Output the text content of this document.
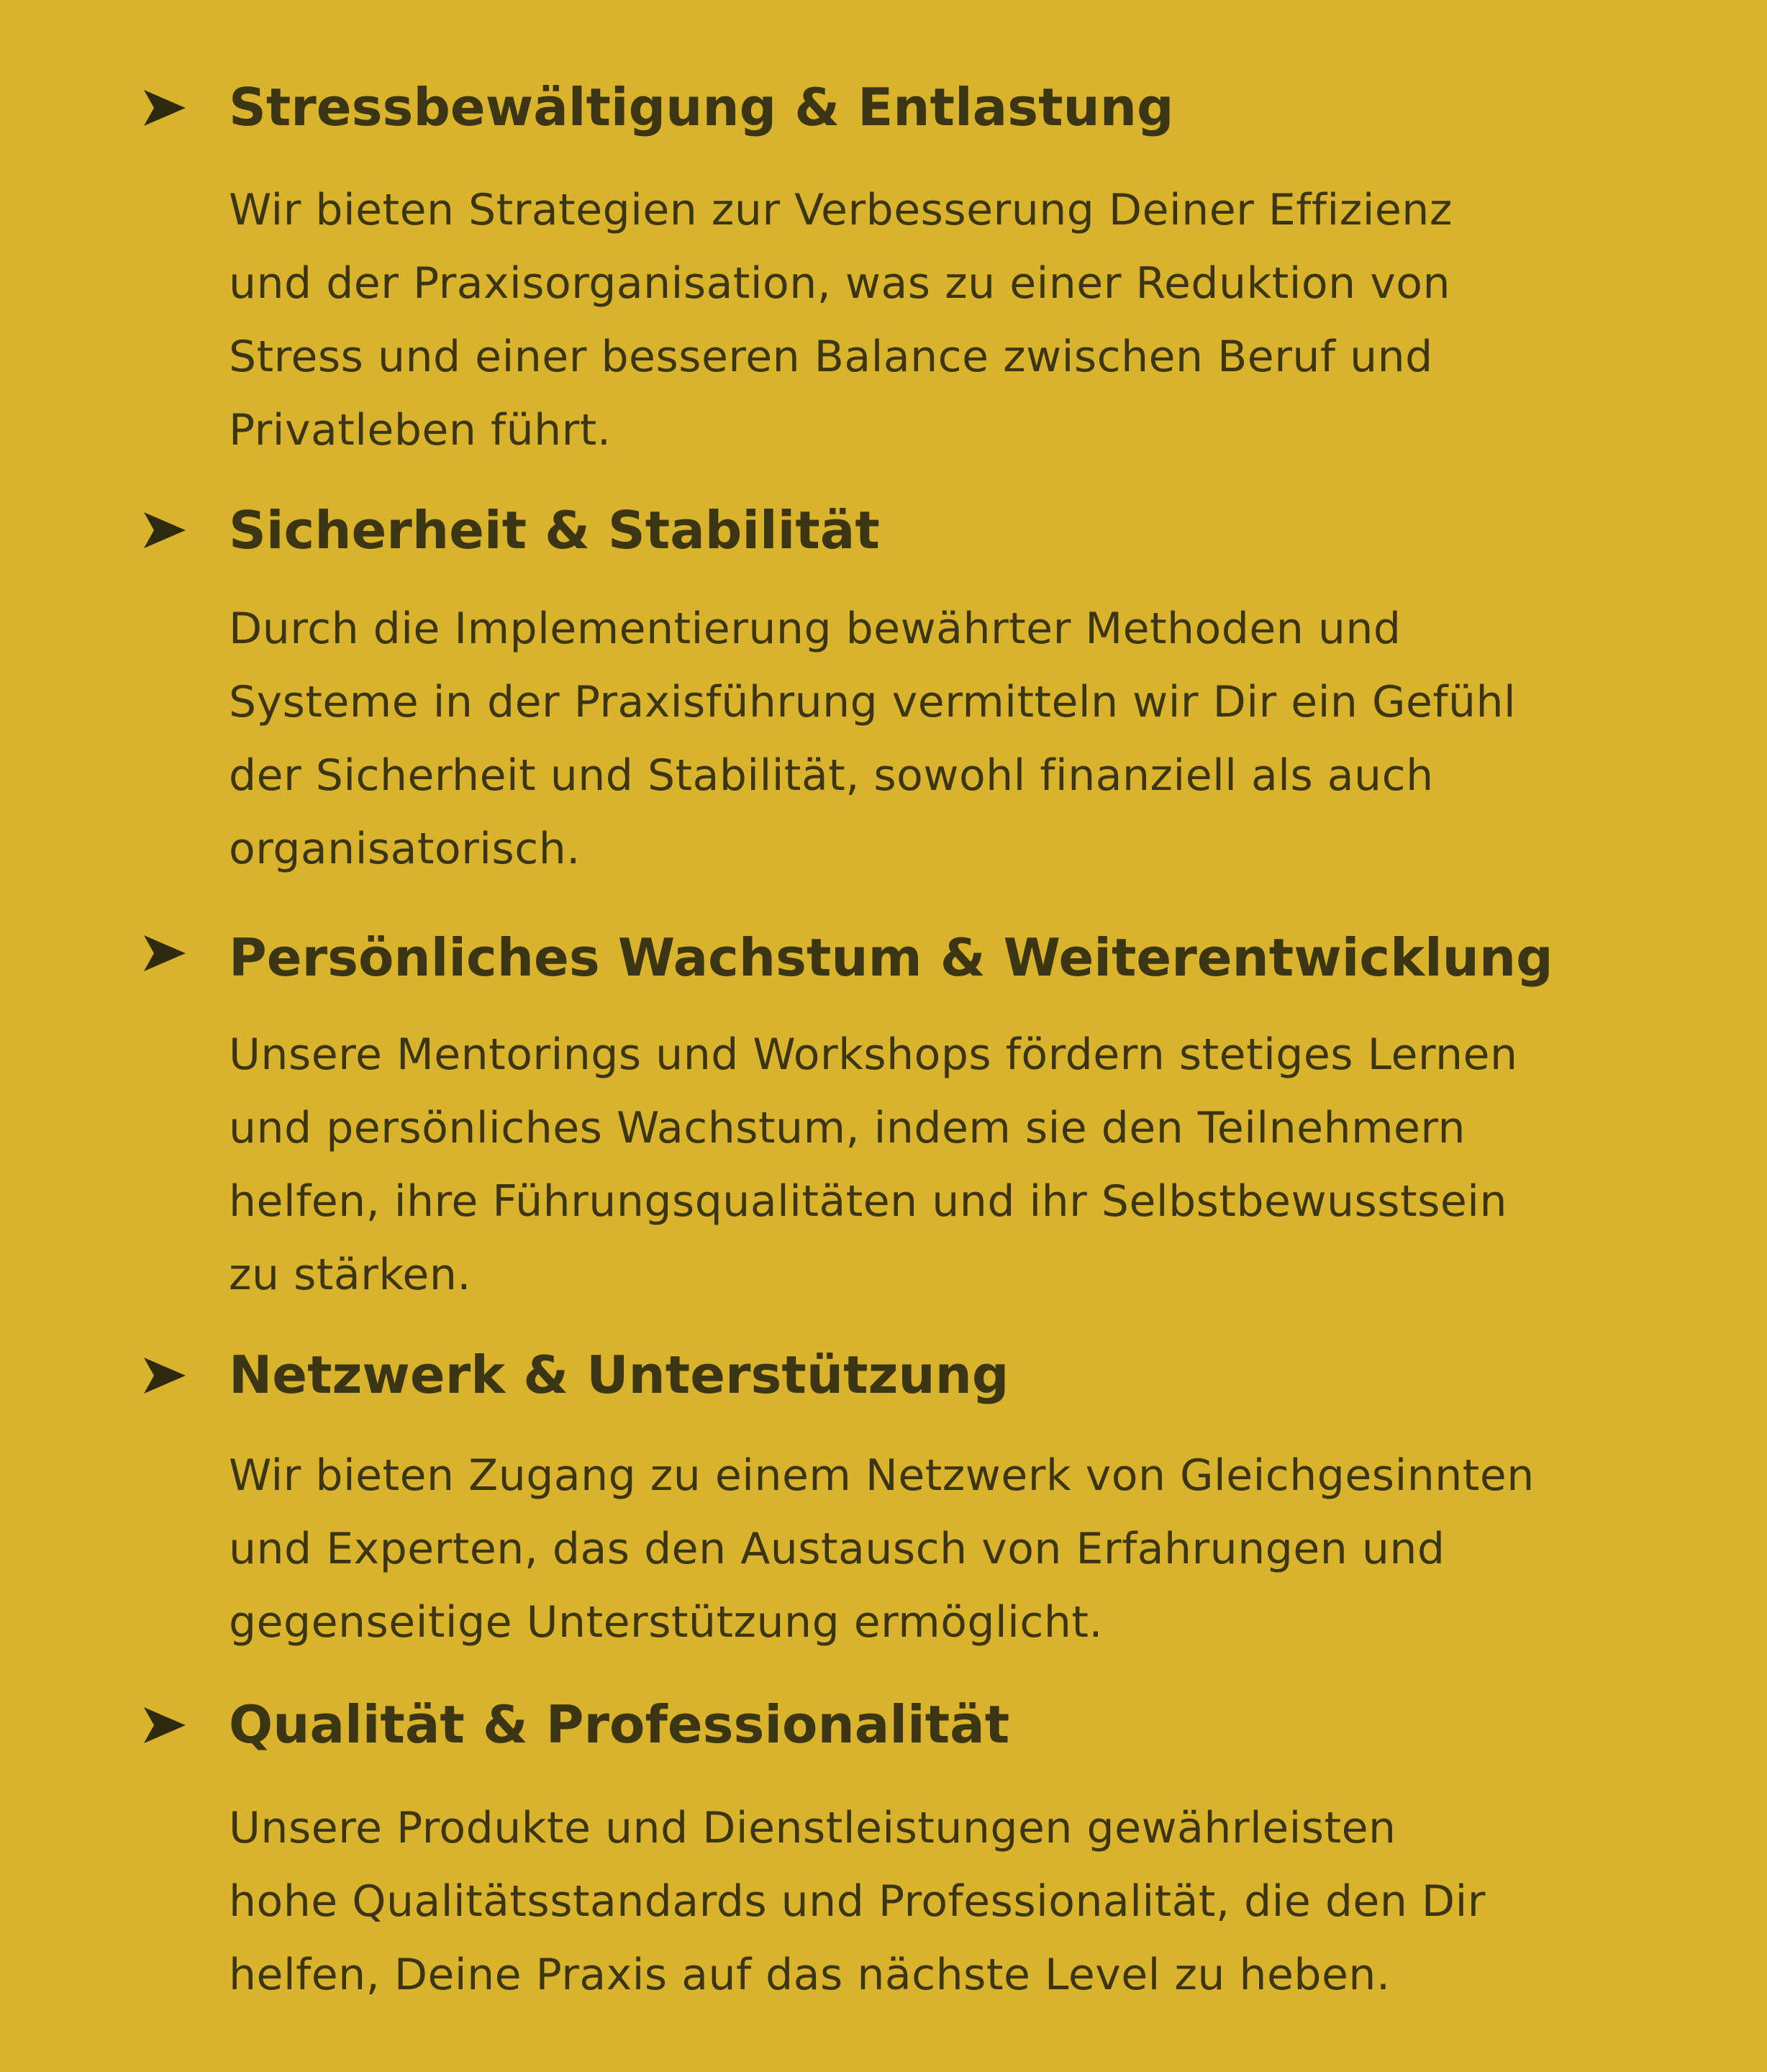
Stressbewältigung & Entlastung
Wir bieten Strategien zur Verbesserung Deiner Effizienz
und der Praxisorganisation, was zu einer Reduktion von
Stress und einer besseren Balance zwischen Beruf und
Privatleben führt.
Sicherheit & Stabilität
Durch die Implementierung bewährter Methoden und
Systeme in der Praxisführung vermitteln wir Dir ein Gefühl
der Sicherheit und Stabilität, sowohl finanziell als auch
organisatorisch.
Persönliches Wachstum & Weiterentwicklung
Unsere Mentorings und Workshops fördern stetiges Lernen
und persönliches Wachstum, indem sie den Teilnehmern
helfen, ihre Führungsqualitäten und ihr Selbstbewusstsein
zu stärken.
Netzwerk & Unterstützung
Wir bieten Zugang zu einem Netzwerk von Gleichgesinnten
und Experten, das den Austausch von Erfahrungen und
gegenseitige Unterstützung ermöglicht.
Qualität & Professionalität
Unsere Produkte und Dienstleistungen gewährleisten
hohe Qualitätsstandards und Professionalität, die den Dir
helfen, Deine Praxis auf das nächste Level zu heben.
